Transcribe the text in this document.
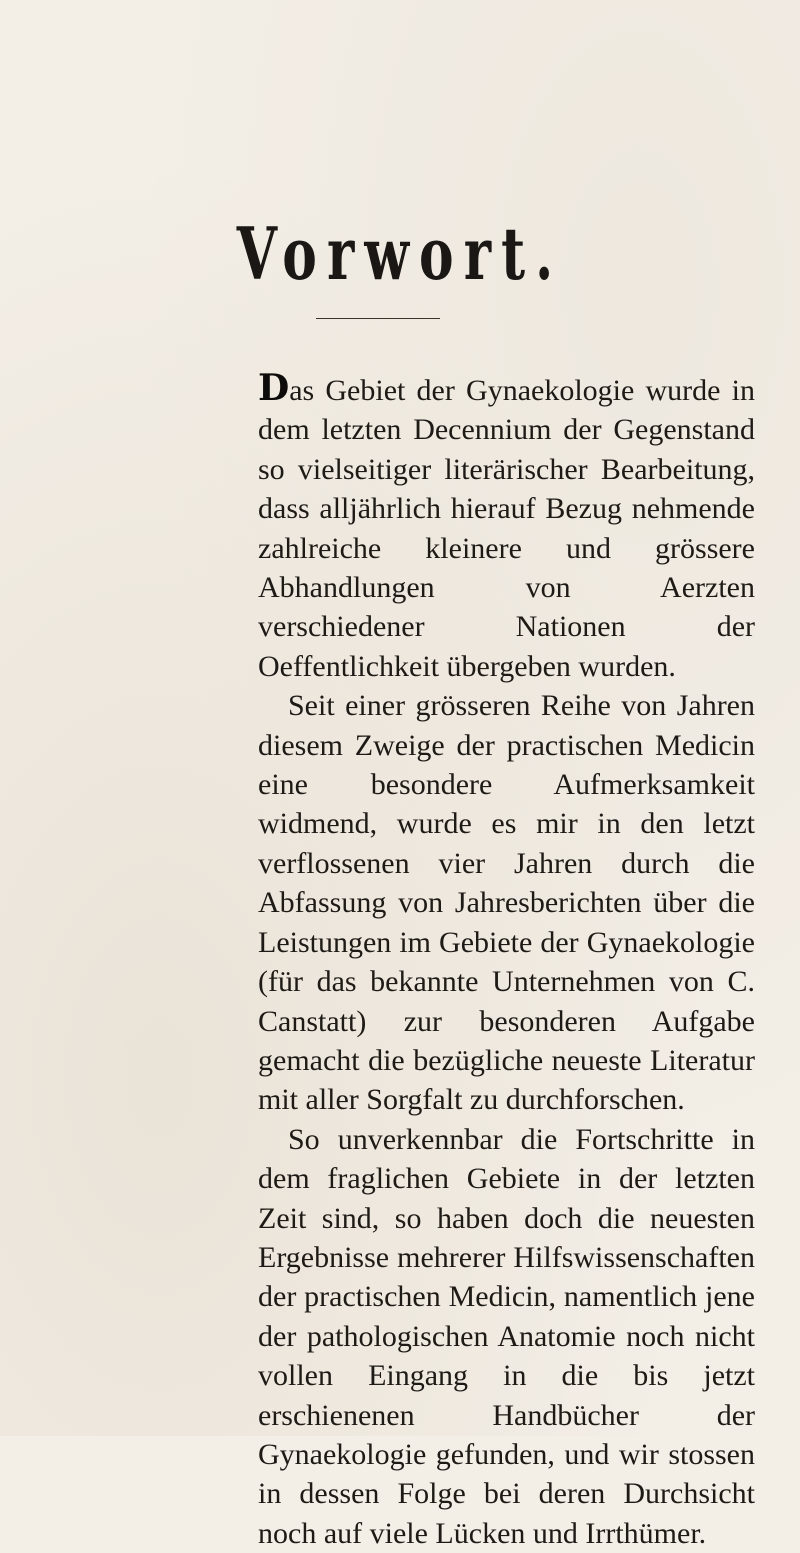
Vorwort.

Das Gebiet der Gynaekologie wurde in dem letzten Decennium der Gegenstand so vielseitiger literärischer Bearbeitung, dass alljährlich hierauf Bezug nehmende zahlreiche kleinere und grössere Abhandlungen von Aerzten verschiedener Nationen der Oeffentlichkeit übergeben wurden.

Seit einer grösseren Reihe von Jahren diesem Zweige der practischen Medicin eine besondere Aufmerksamkeit widmend, wurde es mir in den letzt verflossenen vier Jahren durch die Abfassung von Jahresberichten über die Leistungen im Gebiete der Gynaekologie (für das bekannte Unternehmen von C. Canstatt) zur besonderen Aufgabe gemacht die bezügliche neueste Literatur mit aller Sorgfalt zu durchforschen.

So unverkennbar die Fortschritte in dem fraglichen Gebiete in der letzten Zeit sind, so haben doch die neuesten Ergebnisse mehrerer Hilfswissenschaften der practischen Medicin, namentlich jene der pathologischen Anatomie noch nicht vollen Eingang in die bis jetzt erschienenen Handbücher der Gynaekologie gefunden, und wir stossen in dessen Folge bei deren Durchsicht noch auf viele Lücken und Irrthümer.
